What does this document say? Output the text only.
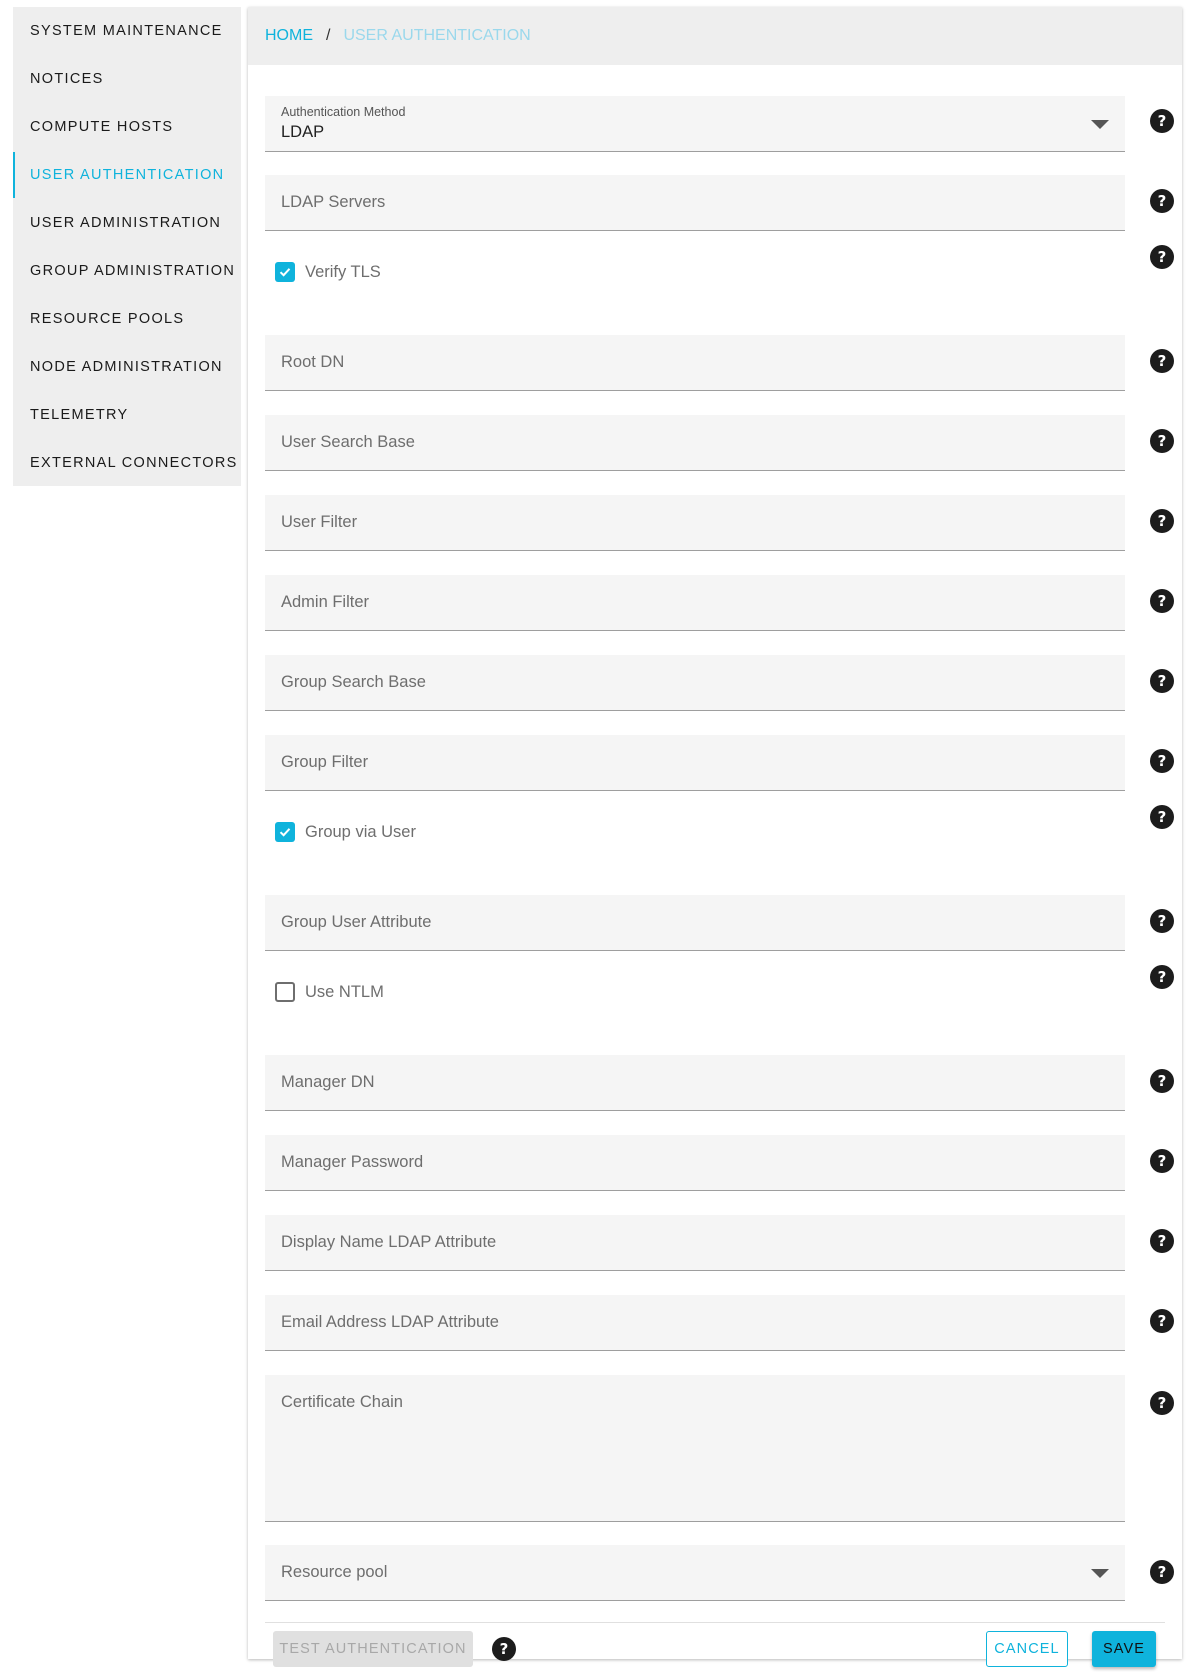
SYSTEM MAINTENANCE
NOTICES
COMPUTE HOSTS
USER AUTHENTICATION
USER ADMINISTRATION
GROUP ADMINISTRATION
RESOURCE POOLS
NODE ADMINISTRATION
TELEMETRY
EXTERNAL CONNECTORS
HOME / USER AUTHENTICATION
Authentication Method
LDAP
?
LDAP Servers	?
Verify TLS
?
Root DN	?
User Search Base	?
User Filter	?
Admin Filter	?
Group Search Base	?
Group Filter	?
Group via User
?
Group User Attribute	?
Use NTLM
?
Manager DN	?
Manager Password	?
Display Name LDAP Attribute	?
Email Address LDAP Attribute	?
Certificate Chain	?
Resource pool	?
TEST AUTHENTICATION	?	CANCEL	SAVE
